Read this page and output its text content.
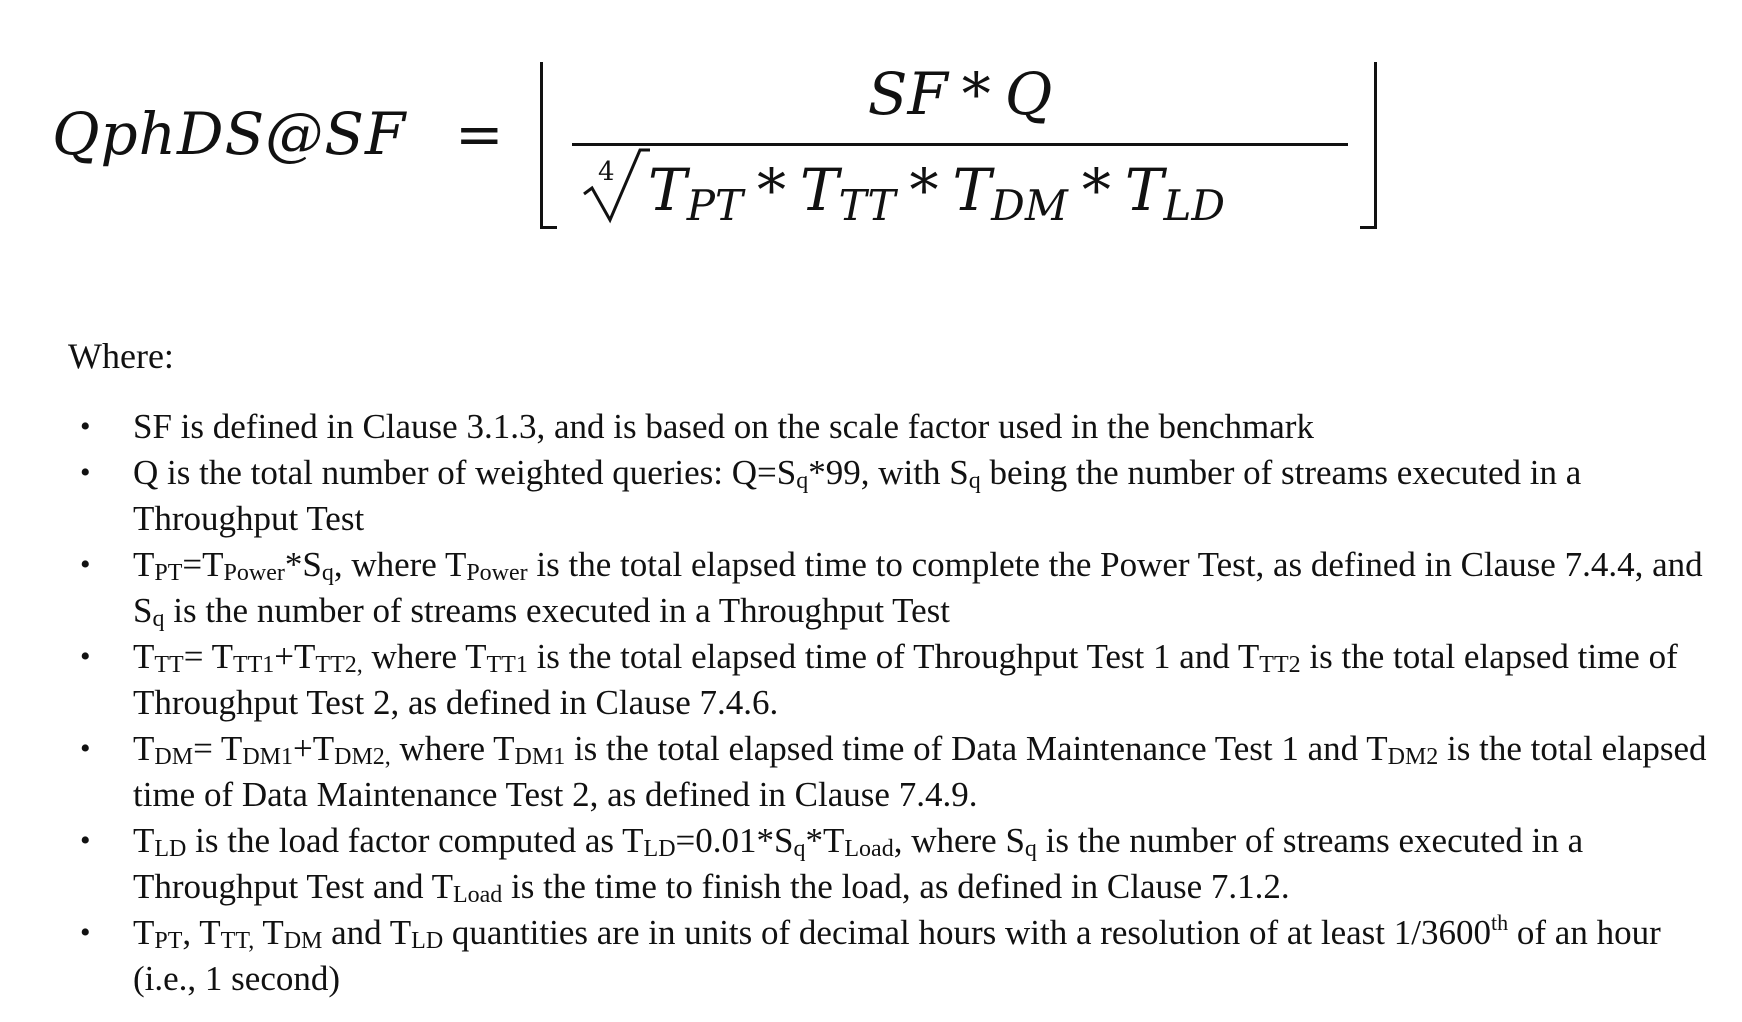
QphDS@SF =
SF * Q
4 $T_{PT} * T_{TT} * T_{DM} * T_{LD}$
Where:
• SF is defined in Clause 3.1.3, and is based on the scale factor used in the benchmark
• Q is the total number of weighted queries: $Q=S_q*99$, with $S_q$ being the number of streams executed in a Throughput Test
• $T_{PT}=T_{Power}*S_q$, where $T_{Power}$ is the total elapsed time to complete the Power Test, as defined in Clause 7.4.4, and $S_q$ is the number of streams executed in a Throughput Test
• $T_{TT}= T_{TT1}+T_{TT2,}$ where $T_{TT1}$ is the total elapsed time of Throughput Test 1 and $T_{TT2}$ is the total elapsed time of Throughput Test 2, as defined in Clause 7.4.6.
• $T_{DM}= T_{DM1}+T_{DM2,}$ where $T_{DM1}$ is the total elapsed time of Data Maintenance Test 1 and $T_{DM2}$ is the total elapsed time of Data Maintenance Test 2, as defined in Clause 7.4.9.
• $T_{LD}$ is the load factor computed as $T_{LD}=0.01*S_q*T_{Load}$, where $S_q$ is the number of streams executed in a Throughput Test and $T_{Load}$ is the time to finish the load, as defined in Clause 7.1.2.
• $T_{PT}$, $T_{TT,}$ $T_{DM}$ and $T_{LD}$ quantities are in units of decimal hours with a resolution of at least 1/3600th of an hour (i.e., 1 second)
